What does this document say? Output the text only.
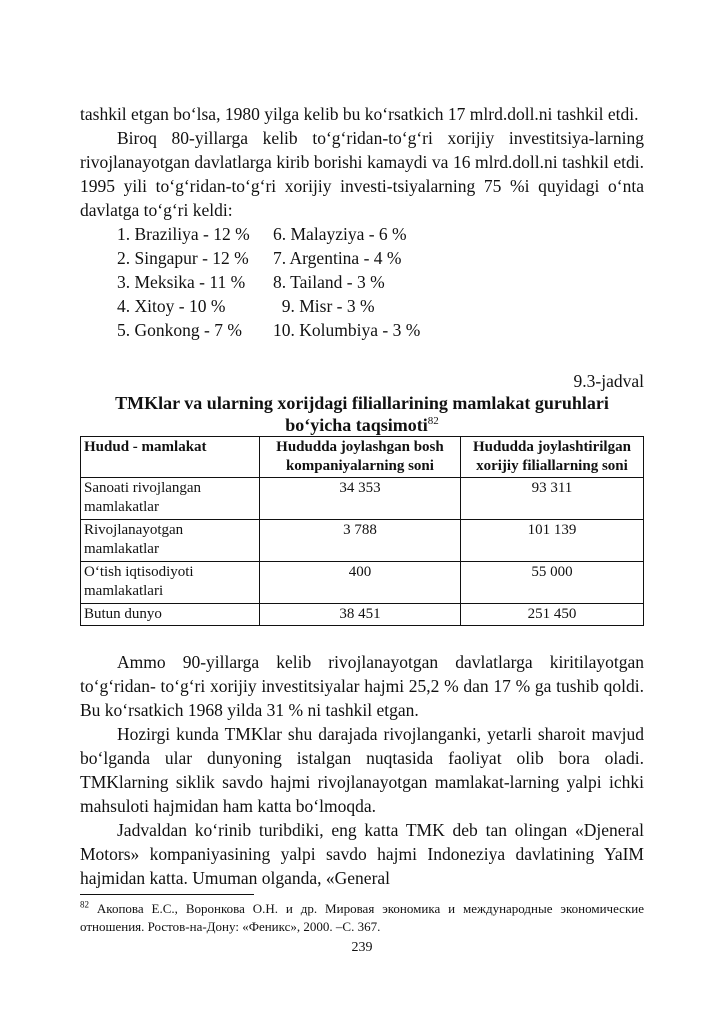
tashkil etgan bo‘lsa, 1980 yilga kelib bu ko‘rsatkich 17 mlrd.doll.ni tashkil etdi.

Biroq 80-yillarga kelib to‘g‘ridan-to‘g‘ri xorijiy investitsiya-larning rivojlanayotgan davlatlarga kirib borishi kamaydi va 16 mlrd.doll.ni tashkil etdi. 1995 yili to‘g‘ridan-to‘g‘ri xorijiy investi-tsiyalarning 75 %i quyidagi o‘nta davlatga to‘g‘ri keldi:

1. Braziliya - 12 %	6. Malayziya - 6 %
2. Singapur - 12 %	7. Argentina - 4 %
3. Meksika - 11 %	8. Tailand - 3 %
4. Xitoy - 10 %	9. Misr - 3 %
5. Gonkong - 7 %	10. Kolumbiya - 3 %

9.3-jadval

TMKlar va ularning xorijdagi filiallarining mamlakat guruhlari bo‘yicha taqsimoti$^{82}$

Hudud - mamlakat	Hududda joylashgan bosh kompaniyalarning soni	Hududda joylashtirilgan xorijiy filiallarning soni
Sanoati rivojlangan mamlakatlar	34 353	93 311
Rivojlanayotgan mamlakatlar	3 788	101 139
O‘tish iqtisodiyoti mamlakatlari	400	55 000
Butun dunyo	38 451	251 450

Ammo 90-yillarga kelib rivojlanayotgan davlatlarga kiritilayotgan to‘g‘ridan- to‘g‘ri xorijiy investitsiyalar hajmi 25,2 % dan 17 % ga tushib qoldi. Bu ko‘rsatkich 1968 yilda 31 % ni tashkil etgan.

Hozirgi kunda TMKlar shu darajada rivojlanganki, yetarli sharoit mavjud bo‘lganda ular dunyoning istalgan nuqtasida faoliyat olib bora oladi. TMKlarning siklik savdo hajmi rivojlanayotgan mamlakat-larning yalpi ichki mahsuloti hajmidan ham katta bo‘lmoqda.

Jadvaldan ko‘rinib turibdiki, eng katta TMK deb tan olingan «Djeneral Motors» kompaniyasining yalpi savdo hajmi Indoneziya davlatining YaIM hajmidan katta. Umuman olganda, «General

$^{82}$ Акопова Е.С., Воронкова О.Н. и др. Мировая экономика и международные экономические отношения. Ростов-на-Дону: «Феникс», 2000. –С. 367.

239
